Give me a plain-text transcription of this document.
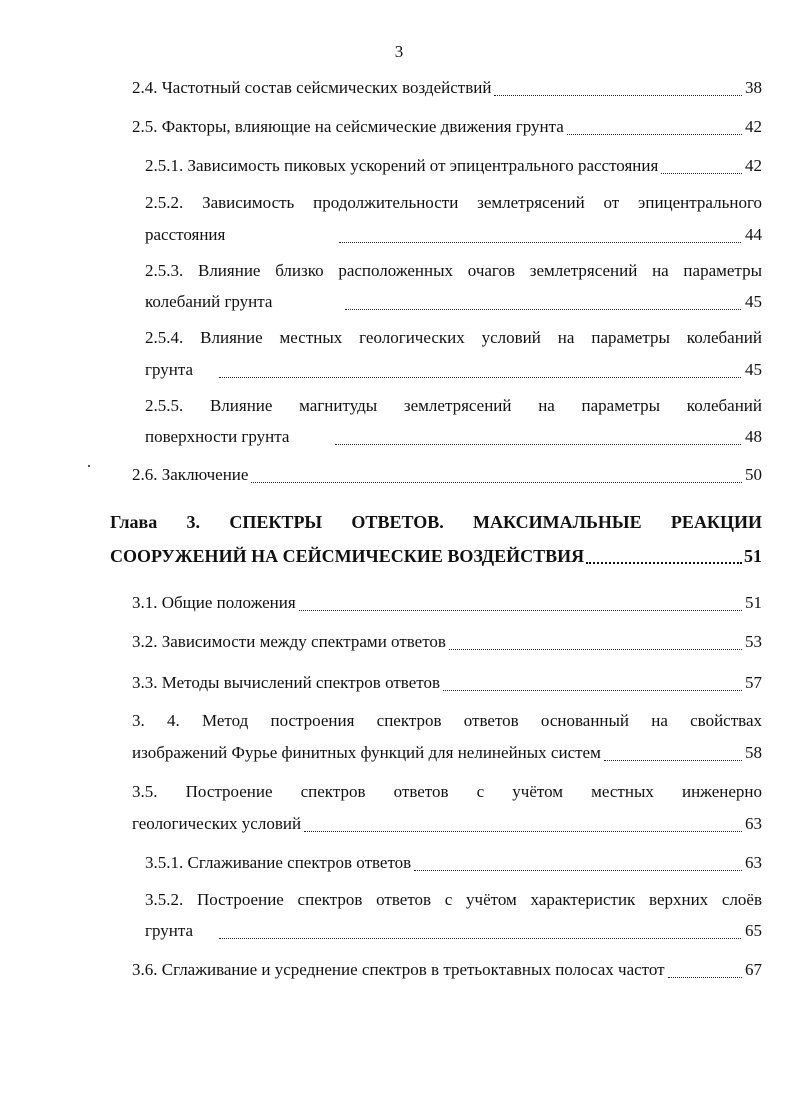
3
2.4. Частотный состав сейсмических воздействий	38
2.5. Факторы, влияющие на сейсмические движения грунта	42
2.5.1. Зависимость пиковых ускорений от эпицентрального расстояния	42
2.5.2. Зависимость продолжительности землетрясений от эпицентрального
расстояния	44
2.5.3. Влияние близко расположенных очагов землетрясений на параметры
колебаний грунта	45
2.5.4. Влияние местных геологических условий на параметры колебаний
грунта	45
2.5.5. Влияние магнитуды землетрясений на параметры колебаний
поверхности грунта	48
2.6. Заключение	50
Глава 3. СПЕКТРЫ ОТВЕТОВ. МАКСИМАЛЬНЫЕ РЕАКЦИИ
СООРУЖЕНИЙ НА СЕЙСМИЧЕСКИЕ ВОЗДЕЙСТВИЯ	51
3.1. Общие положения	51
3.2. Зависимости между спектрами ответов	53
3.3. Методы вычислений спектров ответов	57
3. 4. Метод построения спектров ответов основанный на свойствах
изображений Фурье финитных функций для нелинейных систем	58
3.5. Построение спектров ответов с учётом местных инженерно
геологических условий	63
3.5.1. Сглаживание спектров ответов	63
3.5.2. Построение спектров ответов с учётом характеристик верхних слоёв
грунта	65
3.6. Сглаживание и усреднение спектров в третьоктавных полосах частот	67
